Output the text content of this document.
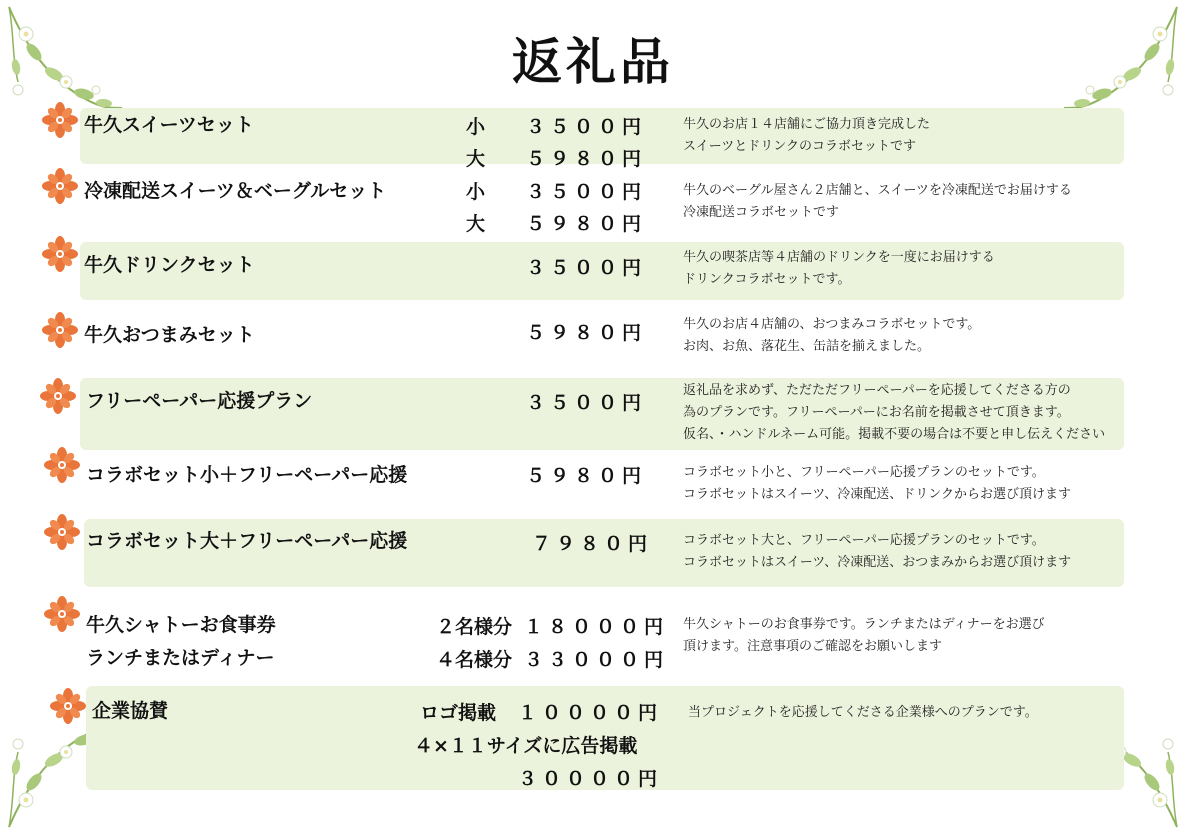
返礼品
牛久スイーツセット	小 ３５００円
大 ５９８０円
牛久のお店１４店舗にご協力頂き完成した
スイーツとドリンクのコラボセットです
冷凍配送スイーツ＆ベーグルセット	小 ３５００円
大 ５９８０円
牛久のベーグル屋さん２店舗と、スイーツを冷凍配送でお届けする
冷凍配送コラボセットです
牛久ドリンクセット	３５００円	牛久の喫茶店等４店舗のドリンクを一度にお届けする
ドリンクコラボセットです。
牛久おつまみセット	５９８０円	牛久のお店４店舗の、おつまみコラボセットです。
お肉、お魚、落花生、缶詰を揃えました。
フリーペーパー応援プラン	３５００円
返礼品を求めず、ただただフリーペーパーを応援してくださる方の
為のプランです。フリーペーパーにお名前を掲載させて頂きます。
仮名、・ハンドルネーム可能。掲載不要の場合は不要と申し伝えください
コラボセット小＋フリーペーパー応援	５９８０円	コラボセット小と、フリーペーパー応援プランのセットです。
コラボセットはスイーツ、冷凍配送、ドリンクからお選び頂けます
コラボセット大＋フリーペーパー応援	７９８０円 コラボセット大と、フリーペーパー応援プランのセットです。
コラボセットはスイーツ、冷凍配送、おつまみからお選び頂けます
牛久シャトーお食事券
ランチまたはディナー
２名様分 １８０００円
４名様分 ３３０００円
牛久シャトーのお食事券です。ランチまたはディナーをお選び
頂けます。注意事項のご確認をお願いします
企業協賛	ロゴ掲載 １００００円
４×１１サイズに広告掲載
３００００円
当プロジェクトを応援してくださる企業様へのプランです。
